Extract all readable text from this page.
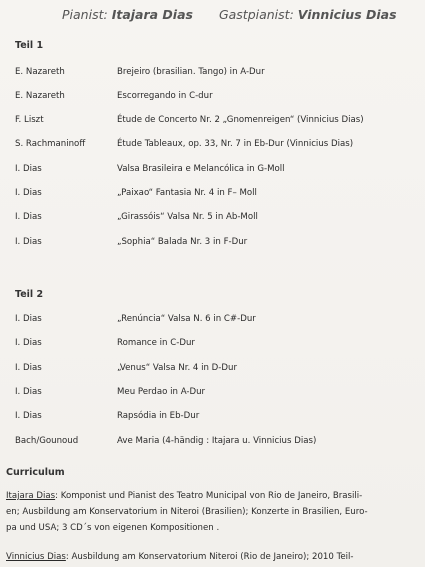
Pianist: Itajara Dias Gastpianist: Vinnicius Dias
Teil 1
E. Nazareth	Brejeiro (brasilian. Tango) in A-Dur
E. Nazareth	Escorregando in C-dur
F. Liszt	Étude de Concerto Nr. 2 „Gnomenreigen“ (Vinnicius Dias)
S. Rachmaninoff	Étude Tableaux, op. 33, Nr. 7 in Eb-Dur (Vinnicius Dias)
I. Dias	Valsa Brasileira e Melancólica in G-Moll
I. Dias	„Paixao“ Fantasia Nr. 4 in F– Moll
I. Dias	„Girassóis“ Valsa Nr. 5 in Ab-Moll
I. Dias	„Sophia“ Balada Nr. 3 in F-Dur
Teil 2
I. Dias	„Renúncia“ Valsa N. 6 in C#-Dur
I. Dias	Romance in C-Dur
I. Dias	„Venus“ Valsa Nr. 4 in D-Dur
I. Dias	Meu Perdao in A-Dur
I. Dias	Rapsódia in Eb-Dur
Bach/Gounoud	Ave Maria (4-händig : Itajara u. Vinnicius Dias)
Curriculum
Itajara Dias: Komponist und Pianist des Teatro Municipal von Rio de Janeiro, Brasili-
en; Ausbildung am Konservatorium in Niteroi (Brasilien); Konzerte in Brasilien, Euro-
pa und USA; 3 CD´s von eigenen Kompositionen .
Vinnicius Dias: Ausbildung am Konservatorium Niteroi (Rio de Janeiro); 2010 Teil-
